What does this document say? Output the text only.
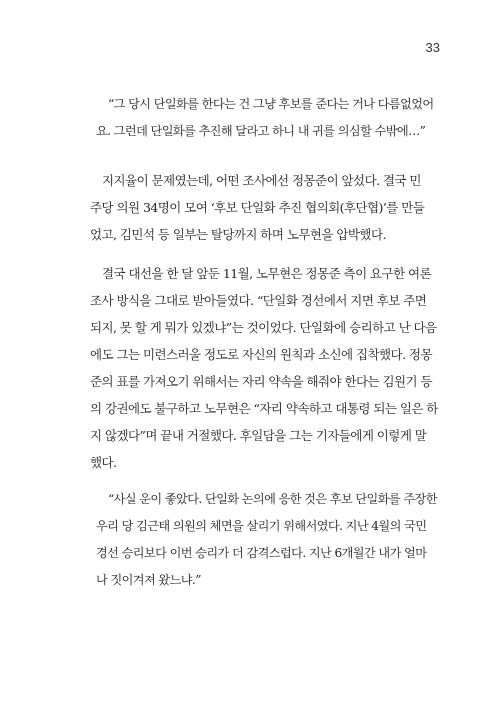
33
“그 당시 단일화를 한다는 건 그냥 후보를 준다는 거나 다름없었어
요. 그런데 단일화를 추진해 달라고 하니 내 귀를 의심할 수밖에…”
지지율이 문제였는데, 어떤 조사에선 정몽준이 앞섰다. 결국 민
주당 의원 34명이 모여 ‘후보 단일화 추진 협의회(후단협)’를 만들
었고, 김민석 등 일부는 탈당까지 하며 노무현을 압박했다.
결국 대선을 한 달 앞둔 11월, 노무현은 정몽준 측이 요구한 여론
조사 방식을 그대로 받아들였다. “단일화 경선에서 지면 후보 주면
되지, 못 할 게 뭐가 있겠냐”는 것이었다. 단일화에 승리하고 난 다음
에도 그는 미련스러울 정도로 자신의 원칙과 소신에 집착했다. 정몽
준의 표를 가져오기 위해서는 자리 약속을 해줘야 한다는 김원기 등
의 강권에도 불구하고 노무현은 “자리 약속하고 대통령 되는 일은 하
지 않겠다”며 끝내 거절했다. 후일담을 그는 기자들에게 이렇게 말
했다.
“사실 운이 좋았다. 단일화 논의에 응한 것은 후보 단일화를 주장한
우리 당 김근태 의원의 체면을 살리기 위해서였다. 지난 4월의 국민
경선 승리보다 이번 승리가 더 감격스럽다. 지난 6개월간 내가 얼마
나 짓이겨져 왔느냐.”
